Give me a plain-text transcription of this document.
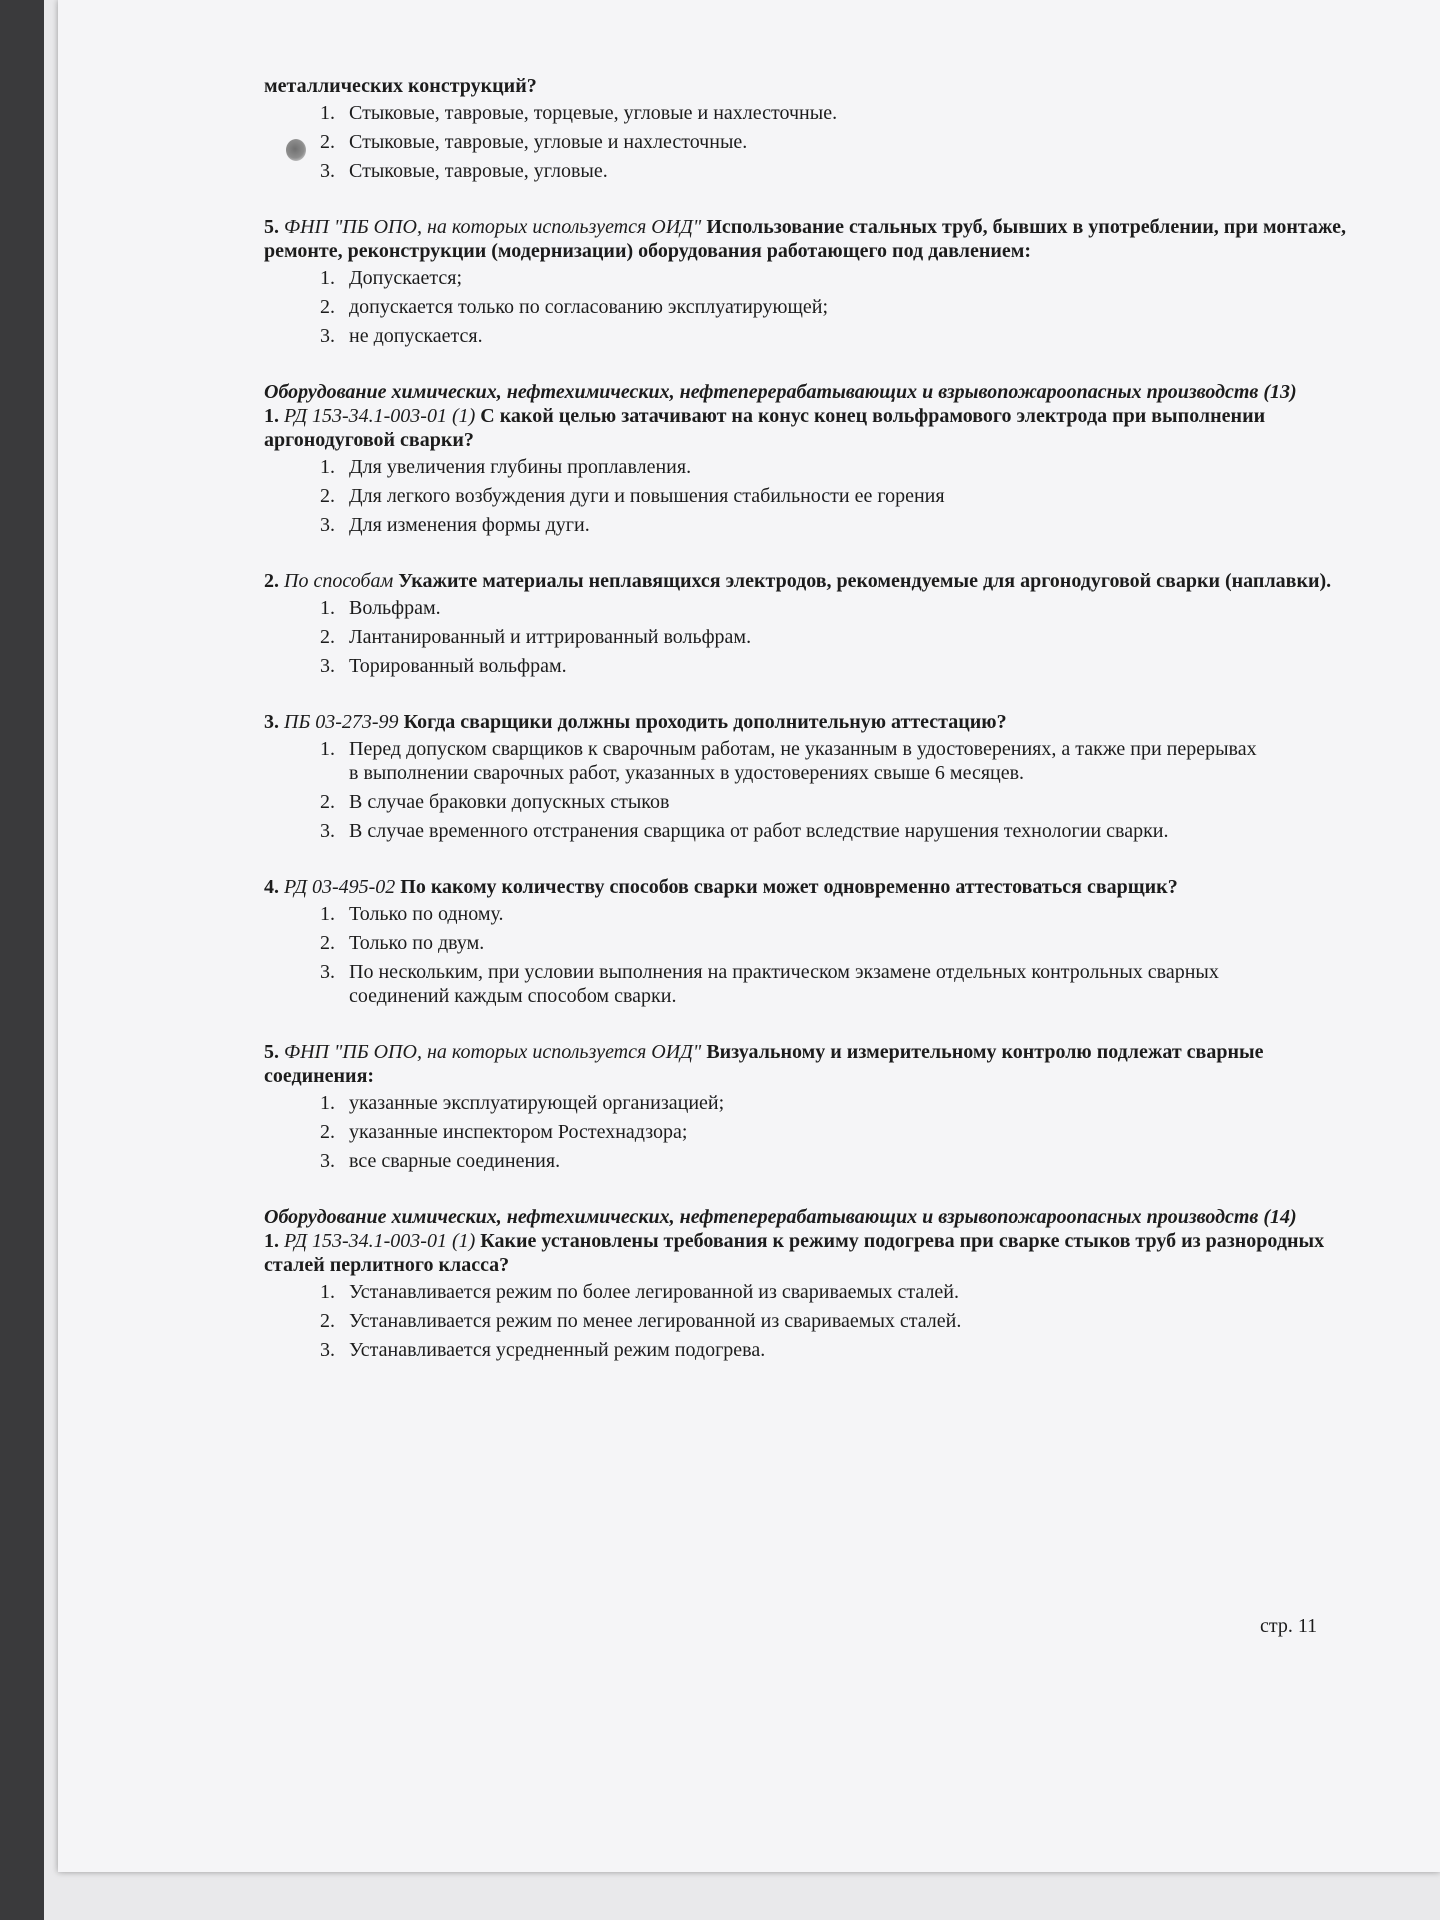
металлических конструкций?

1. Стыковые, тавровые, торцевые, угловые и нахлесточные.
2. Стыковые, тавровые, угловые и нахлесточные.
3. Стыковые, тавровые, угловые.

5. ФНП "ПБ ОПО, на которых используется ОИД" Использование стальных труб, бывших в употреблении, при монтаже, ремонте, реконструкции (модернизации) оборудования работающего под давлением:

1. Допускается;
2. допускается только по согласованию эксплуатирующей;
3. не допускается.

Оборудование химических, нефтехимических, нефтеперерабатывающих и взрывопожароопасных производств (13)

1. РД 153-34.1-003-01 (1) С какой целью затачивают на конус конец вольфрамового электрода при выполнении аргонодуговой сварки?

1. Для увеличения глубины проплавления.
2. Для легкого возбуждения дуги и повышения стабильности ее горения
3. Для изменения формы дуги.

2. По способам Укажите материалы неплавящихся электродов, рекомендуемые для аргонодуговой сварки (наплавки).

1. Вольфрам.
2. Лантанированный и иттрированный вольфрам.
3. Торированный вольфрам.

3. ПБ 03-273-99 Когда сварщики должны проходить дополнительную аттестацию?

1. Перед допуском сварщиков к сварочным работам, не указанным в удостоверениях, а также при перерывах в выполнении сварочных работ, указанных в удостоверениях свыше 6 месяцев.
2. В случае браковки допускных стыков
3. В случае временного отстранения сварщика от работ вследствие нарушения технологии сварки.

4. РД 03-495-02 По какому количеству способов сварки может одновременно аттестоваться сварщик?

1. Только по одному.
2. Только по двум.
3. По нескольким, при условии выполнения на практическом экзамене отдельных контрольных сварных соединений каждым способом сварки.

5. ФНП "ПБ ОПО, на которых используется ОИД" Визуальному и измерительному контролю подлежат сварные соединения:

1. указанные эксплуатирующей организацией;
2. указанные инспектором Ростехнадзора;
3. все сварные соединения.

Оборудование химических, нефтехимических, нефтеперерабатывающих и взрывопожароопасных производств (14)

1. РД 153-34.1-003-01 (1) Какие установлены требования к режиму подогрева при сварке стыков труб из разнородных сталей перлитного класса?

1. Устанавливается режим по более легированной из свариваемых сталей.
2. Устанавливается режим по менее легированной из свариваемых сталей.
3. Устанавливается усредненный режим подогрева.
стр. 11
